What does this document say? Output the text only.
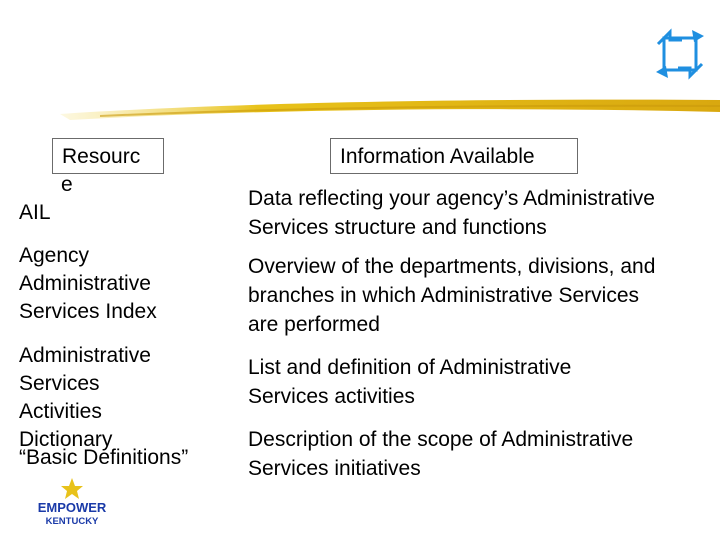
Resourc
e
Information Available
AIL
Agency
Administrative
Services Index
Administrative
Services
Activities
Dictionary
“Basic Definitions”
Data reflecting your agency’s Administrative
Services structure and functions
Overview of the departments, divisions, and
branches in which Administrative Services
are performed
List and definition of Administrative
Services activities
Description of the scope of Administrative
Services initiatives
EMPOWER
KENTUCKY
